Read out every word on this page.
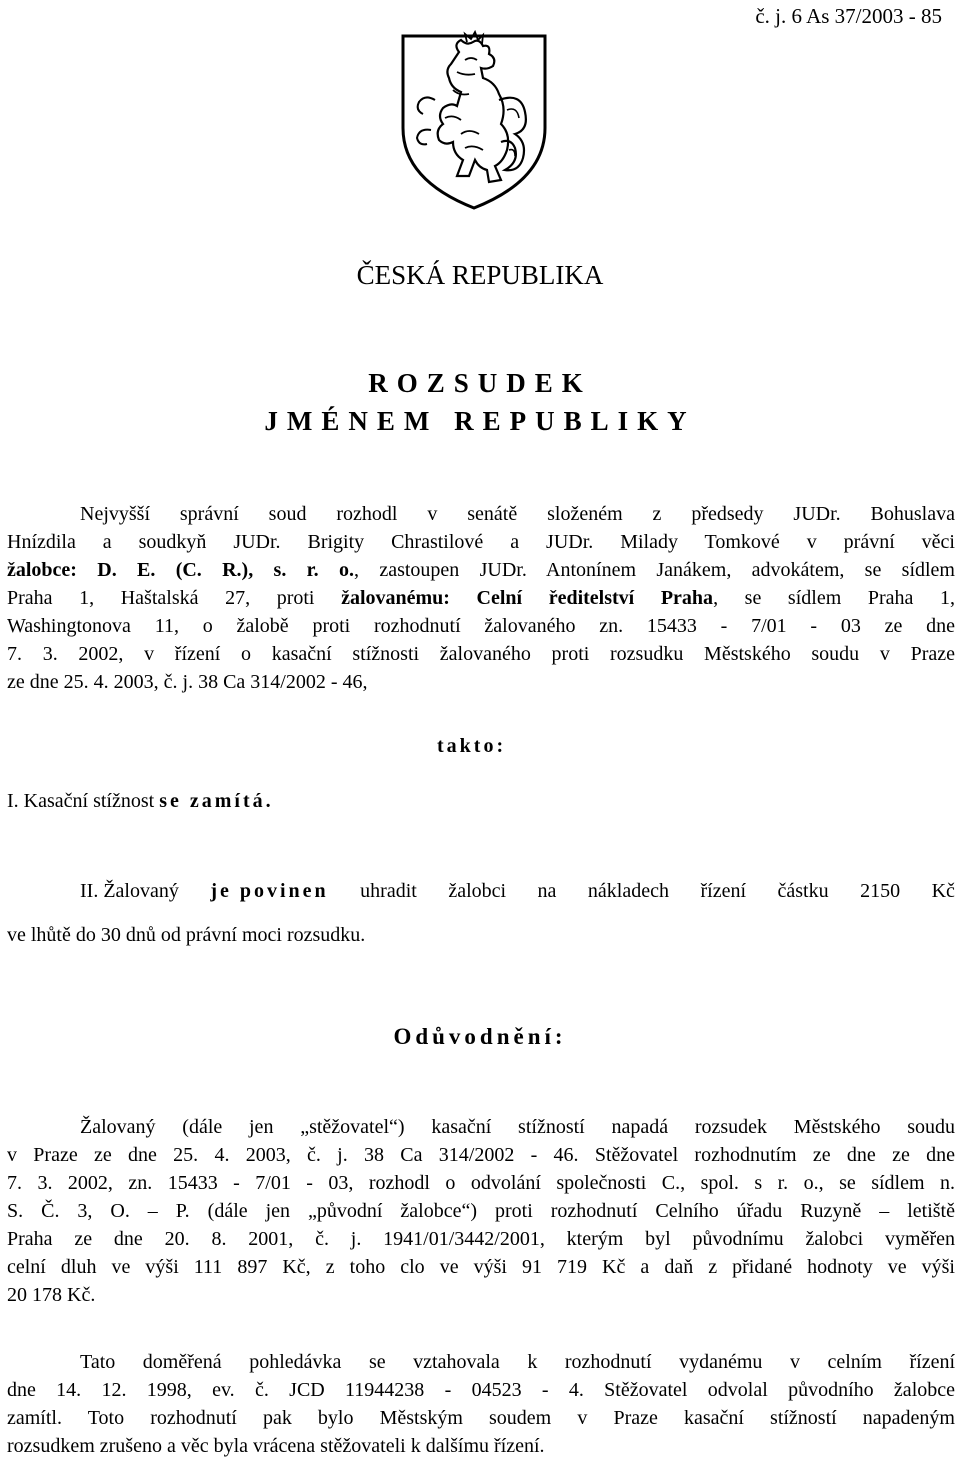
č. j. 6 As 37/2003 - 85
ČESKÁ REPUBLIKA
ROZSUDEK
JMÉNEM REPUBLIKY
Nejvyšší správní soud rozhodl v senátě složeném z předsedy JUDr. Bohuslava
Hnízdila a soudkyň JUDr. Brigity Chrastilové a JUDr. Milady Tomkové v právní věci
žalobce: D. E. (C. R.), s. r. o., zastoupen JUDr. Antonínem Janákem, advokátem, se sídlem
Praha 1, Haštalská 27, proti žalovanému: Celní ředitelství Praha, se sídlem Praha 1,
Washingtonova 11, o žalobě proti rozhodnutí žalovaného zn. 15433 - 7/01 - 03 ze dne
7. 3. 2002, v řízení o kasační stížnosti žalovaného proti rozsudku Městského soudu v Praze
ze dne 25. 4. 2003, č. j. 38 Ca 314/2002 - 46,
takto:
I. Kasační stížnost se zamítá.
II. Žalovaný je povinen uhradit žalobci na nákladech řízení částku 2150 Kč
ve lhůtě do 30 dnů od právní moci rozsudku.
Odůvodnění:
Žalovaný (dále jen „stěžovatel“) kasační stížností napadá rozsudek Městského soudu
v Praze ze dne 25. 4. 2003, č. j. 38 Ca 314/2002 - 46. Stěžovatel rozhodnutím ze dne ze dne
7. 3. 2002, zn. 15433 - 7/01 - 03, rozhodl o odvolání společnosti C., spol. s r. o., se sídlem n.
S. Č. 3, O. – P. (dále jen „původní žalobce“) proti rozhodnutí Celního úřadu Ruzyně – letiště
Praha ze dne 20. 8. 2001, č. j. 1941/01/3442/2001, kterým byl původnímu žalobci vyměřen
celní dluh ve výši 111 897 Kč, z toho clo ve výši 91 719 Kč a daň z přidané hodnoty ve výši
20 178 Kč.
Tato doměřená pohledávka se vztahovala k rozhodnutí vydanému v celním řízení
dne 14. 12. 1998, ev. č. JCD 11944238 - 04523 - 4. Stěžovatel odvolal původního žalobce
zamítl. Toto rozhodnutí pak bylo Městským soudem v Praze kasační stížností napadeným
rozsudkem zrušeno a věc byla vrácena stěžovateli k dalšímu řízení.
